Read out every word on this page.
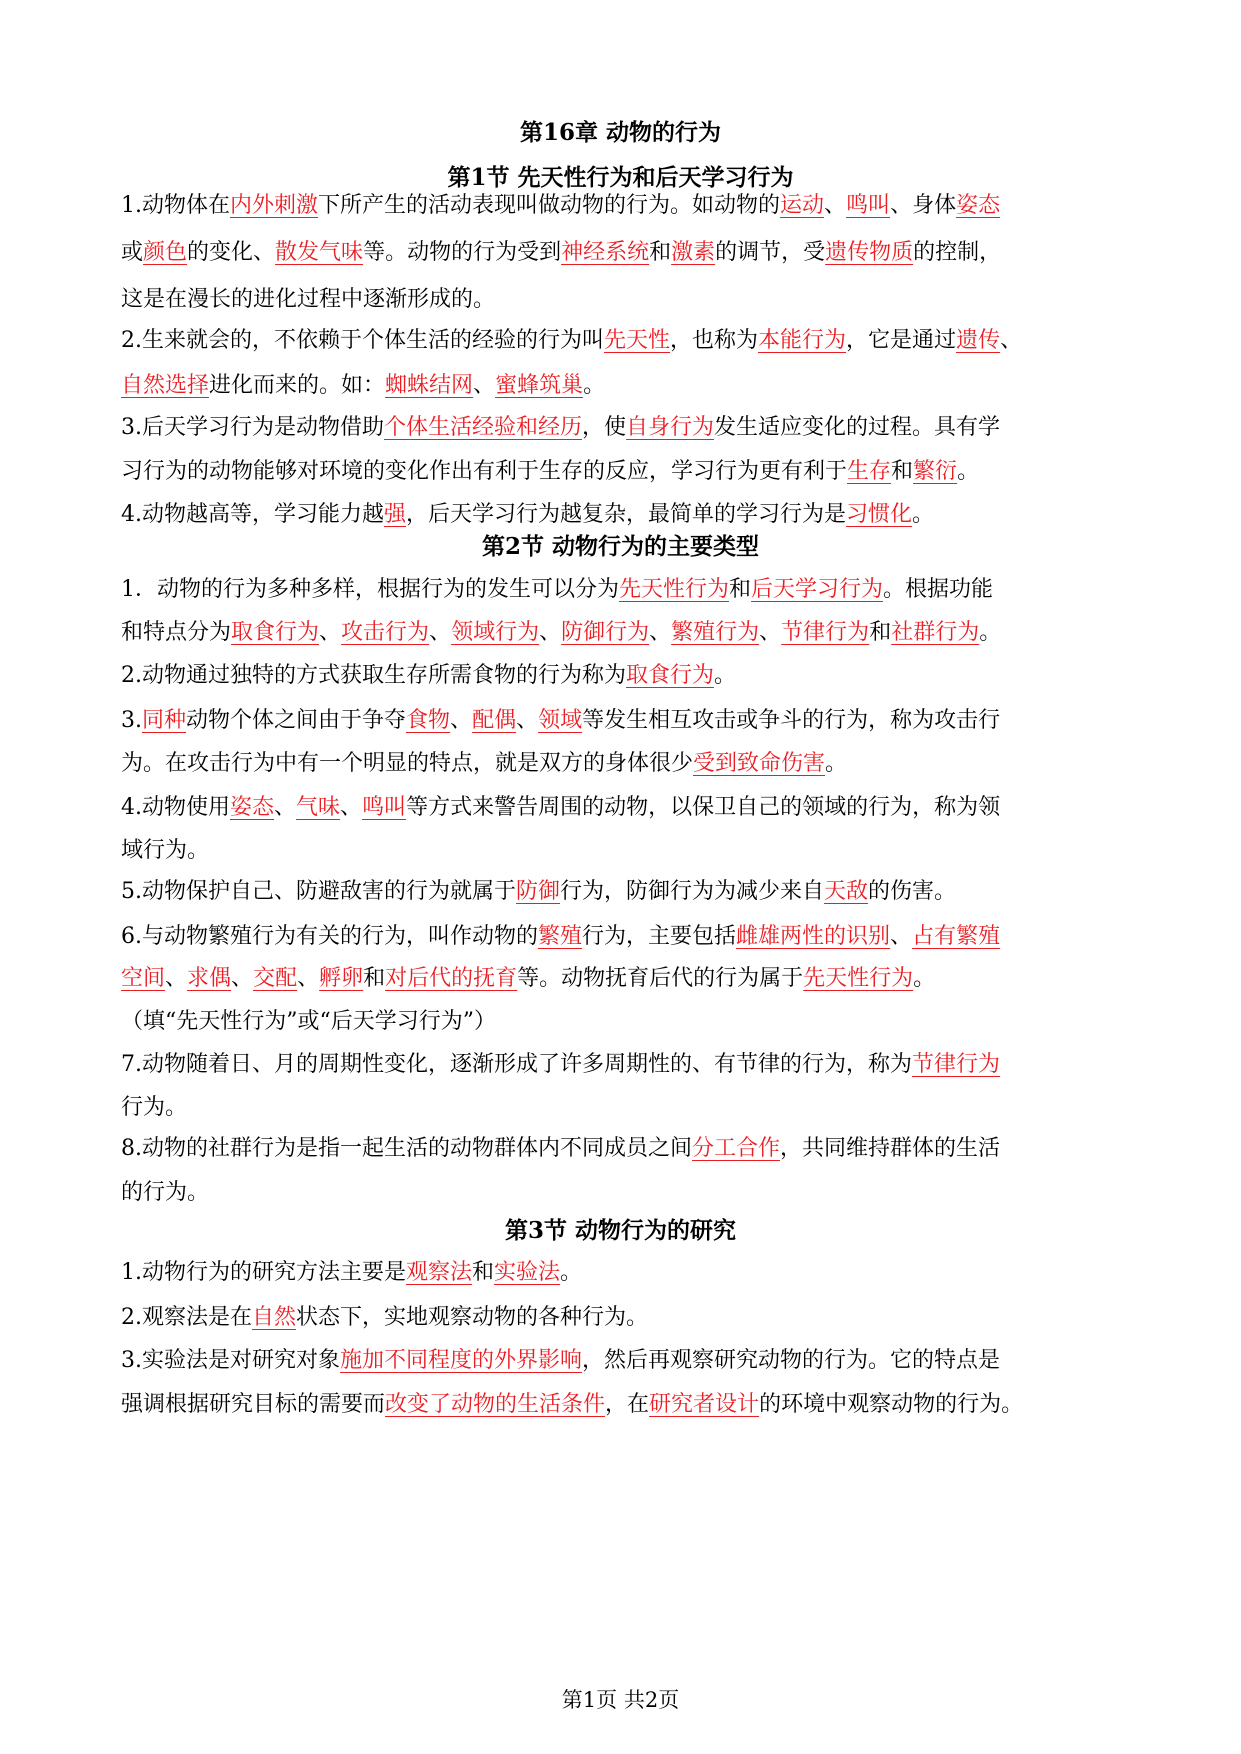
第16章 动物的行为
第1节 先天性行为和后天学习行为
1.动物体在内外刺激下所产生的活动表现叫做动物的行为。如动物的运动、鸣叫、身体姿态
或颜色的变化、散发气味等。动物的行为受到神经系统和激素的调节，受遗传物质的控制，
这是在漫长的进化过程中逐渐形成的。
2.生来就会的，不依赖于个体生活的经验的行为叫先天性，也称为本能行为，它是通过遗传、
自然选择进化而来的。如：蜘蛛结网、蜜蜂筑巢。
3.后天学习行为是动物借助个体生活经验和经历，使自身行为发生适应变化的过程。具有学
习行为的动物能够对环境的变化作出有利于生存的反应，学习行为更有利于生存和繁衍。
4.动物越高等，学习能力越强，后天学习行为越复杂，最简单的学习行为是习惯化。
第2节 动物行为的主要类型
1．动物的行为多种多样，根据行为的发生可以分为先天性行为和后天学习行为。根据功能
和特点分为取食行为、攻击行为、领域行为、防御行为、繁殖行为、节律行为和社群行为。
2.动物通过独特的方式获取生存所需食物的行为称为取食行为。
3.同种动物个体之间由于争夺食物、配偶、领域等发生相互攻击或争斗的行为，称为攻击行
为。在攻击行为中有一个明显的特点，就是双方的身体很少受到致命伤害。
4.动物使用姿态、气味、鸣叫等方式来警告周围的动物，以保卫自己的领域的行为，称为领
域行为。
5.动物保护自己、防避敌害的行为就属于防御行为，防御行为为减少来自天敌的伤害。
6.与动物繁殖行为有关的行为，叫作动物的繁殖行为，主要包括雌雄两性的识别、占有繁殖
空间、求偶、交配、孵卵和对后代的抚育等。动物抚育后代的行为属于先天性行为。
（填“先天性行为”或“后天学习行为”）
7.动物随着日、月的周期性变化，逐渐形成了许多周期性的、有节律的行为，称为节律行为
行为。
8.动物的社群行为是指一起生活的动物群体内不同成员之间分工合作，共同维持群体的生活
的行为。
第3节 动物行为的研究
1.动物行为的研究方法主要是观察法和实验法。
2.观察法是在自然状态下，实地观察动物的各种行为。
3.实验法是对研究对象施加不同程度的外界影响，然后再观察研究动物的行为。它的特点是
强调根据研究目标的需要而改变了动物的生活条件，在研究者设计的环境中观察动物的行为。
第1页 共2页
